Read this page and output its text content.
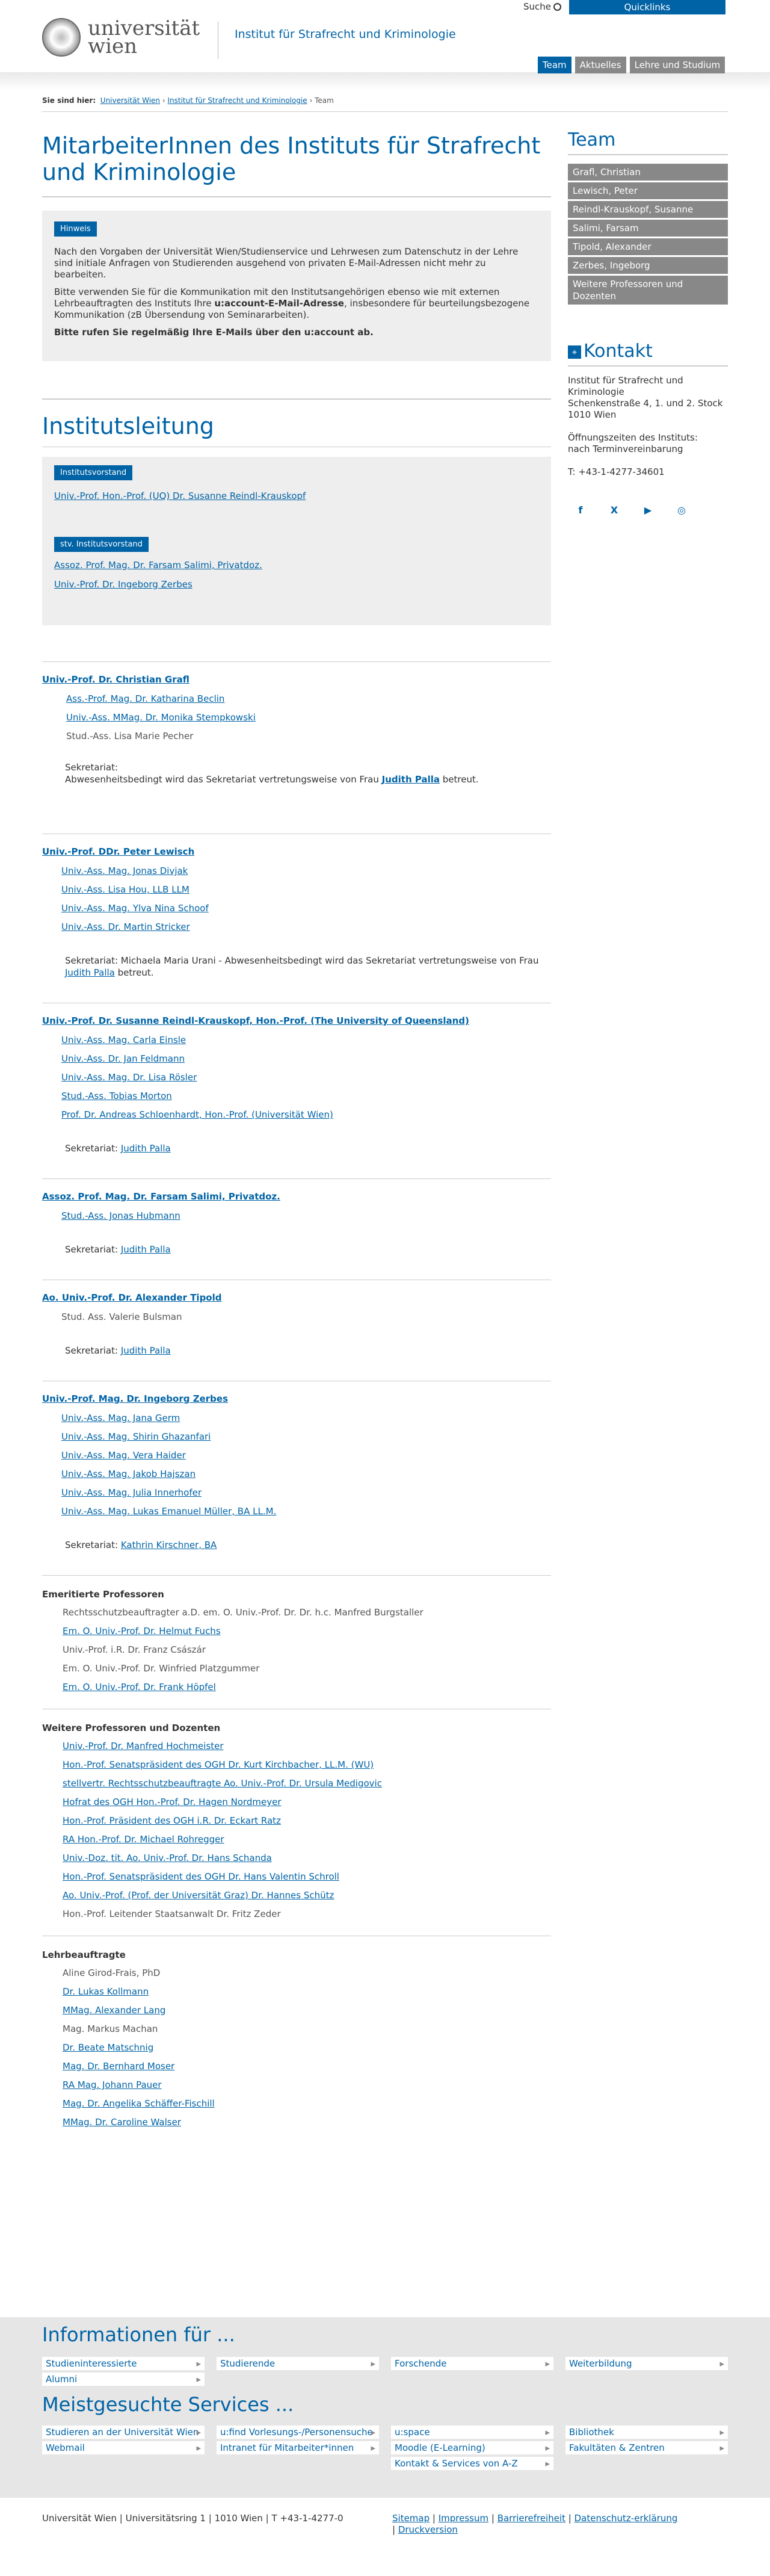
universität
wien	Institut für Strafrecht und Kriminologie
Suche	Quicklinks
Team	Aktuelles	Lehre und Studium
Sie sind hier: Universität Wien › Institut für Strafrecht und Kriminologie › Team
MitarbeiterInnen des Instituts für Strafrecht und Kriminologie
Hinweis

Nach den Vorgaben der Universität Wien/Studienservice und Lehrwesen zum Datenschutz in der Lehre sind initiale Anfragen von Studierenden ausgehend von privaten E-Mail-Adressen nicht mehr zu bearbeiten.

Bitte verwenden Sie für die Kommunikation mit den Institutsangehörigen ebenso wie mit externen Lehrbeauftragten des Instituts Ihre u:account-E-Mail-Adresse, insbesondere für beurteilungsbezogene Kommunikation (zB Übersendung von Seminararbeiten).

Bitte rufen Sie regelmäßig Ihre E-Mails über den u:account ab.

Institutsleitung
Institutsvorstand
Univ.-Prof. Hon.-Prof. (UQ) Dr. Susanne Reindl-Krauskopf
stv. Institutsvorstand
Assoz. Prof. Mag. Dr. Farsam Salimi, Privatdoz.
Univ.-Prof. Dr. Ingeborg Zerbes
Univ.-Prof. Dr. Christian Grafl
Ass.-Prof. Mag. Dr. Katharina Beclin
Univ.-Ass. MMag. Dr. Monika Stempkowski
Stud.-Ass. Lisa Marie Pecher
Sekretariat:
Abwesenheitsbedingt wird das Sekretariat vertretungsweise von Frau Judith Palla betreut.
Univ.-Prof. DDr. Peter Lewisch
Univ.-Ass. Mag. Jonas Divjak
Univ.-Ass. Lisa Hou, LLB LLM
Univ.-Ass. Mag. Ylva Nina Schoof
Univ.-Ass. Dr. Martin Stricker
Sekretariat: Michaela Maria Urani - Abwesenheitsbedingt wird das Sekretariat vertretungsweise von Frau Judith Palla betreut.
Univ.-Prof. Dr. Susanne Reindl-Krauskopf, Hon.-Prof. (The University of Queensland)
Univ.-Ass. Mag. Carla Einsle
Univ.-Ass. Dr. Jan Feldmann
Univ.-Ass. Mag. Dr. Lisa Rösler
Stud.-Ass. Tobias Morton
Prof. Dr. Andreas Schloenhardt, Hon.-Prof. (Universität Wien)
Sekretariat: Judith Palla
Assoz. Prof. Mag. Dr. Farsam Salimi, Privatdoz.
Stud.-Ass. Jonas Hubmann
Sekretariat: Judith Palla
Ao. Univ.-Prof. Dr. Alexander Tipold
Stud. Ass. Valerie Bulsman
Sekretariat: Judith Palla
Univ.-Prof. Mag. Dr. Ingeborg Zerbes
Univ.-Ass. Mag. Jana Germ
Univ.-Ass. Mag. Shirin Ghazanfari
Univ.-Ass. Mag. Vera Haider
Univ.-Ass. Mag. Jakob Hajszan
Univ.-Ass. Mag. Julia Innerhofer
Univ.-Ass. Mag. Lukas Emanuel Müller, BA LL.M.
Sekretariat: Kathrin Kirschner, BA
Emeritierte Professoren
Rechtsschutzbeauftragter a.D. em. O. Univ.-Prof. Dr. Dr. h.c. Manfred Burgstaller
Em. O. Univ.-Prof. Dr. Helmut Fuchs
Univ.-Prof. i.R. Dr. Franz Császár
Em. O. Univ.-Prof. Dr. Winfried Platzgummer
Em. O. Univ.-Prof. Dr. Frank Höpfel
Weitere Professoren und Dozenten
Univ.-Prof. Dr. Manfred Hochmeister
Hon.-Prof. Senatspräsident des OGH Dr. Kurt Kirchbacher, LL.M. (WU)
stellvertr. Rechtsschutzbeauftragte Ao. Univ.-Prof. Dr. Ursula Medigovic
Hofrat des OGH Hon.-Prof. Dr. Hagen Nordmeyer
Hon.-Prof. Präsident des OGH i.R. Dr. Eckart Ratz
RA Hon.-Prof. Dr. Michael Rohregger
Univ.-Doz. tit. Ao. Univ.-Prof. Dr. Hans Schanda
Hon.-Prof. Senatspräsident des OGH Dr. Hans Valentin Schroll
Ao. Univ.-Prof. (Prof. der Universität Graz) Dr. Hannes Schütz
Hon.-Prof. Leitender Staatsanwalt Dr. Fritz Zeder
Lehrbeauftragte
Aline Girod-Frais, PhD
Dr. Lukas Kollmann
MMag. Alexander Lang
Mag. Markus Machan
Dr. Beate Matschnig
Mag. Dr. Bernhard Moser
RA Mag. Johann Pauer
Mag. Dr. Angelika Schäffer-Fischill
MMag. Dr. Caroline Walser
Team
Grafl, Christian
Lewisch, Peter
Reindl-Krauskopf, Susanne
Salimi, Farsam
Tipold, Alexander
Zerbes, Ingeborg
Weitere Professoren und Dozenten
⌖ Kontakt
Institut für Strafrecht und
Kriminologie
Schenkenstraße 4, 1. und 2. Stock
1010 Wien
Öffnungszeiten des Instituts:
nach Terminvereinbarung
T: +43-1-4277-34601
f	X	▶	◎
Informationen für ...
Studieninteressierte ▸	Studierende ▸	Forschende ▸	Weiterbildung ▸
Alumni ▸
Meistgesuchte Services ...
Studieren an der Universität Wien ▸	u:find Vorlesungs-/Personensuche ▸	u:space ▸	Bibliothek ▸
Webmail ▸	Intranet für Mitarbeiter*innen ▸	Moodle (E-Learning) ▸	Fakultäten & Zentren ▸
Kontakt & Services von A-Z ▸
Universität Wien | Universitätsring 1 | 1010 Wien | T +43-1-4277-0	Sitemap | Impressum | Barrierefreiheit | Datenschutz-erklärung | Druckversion
